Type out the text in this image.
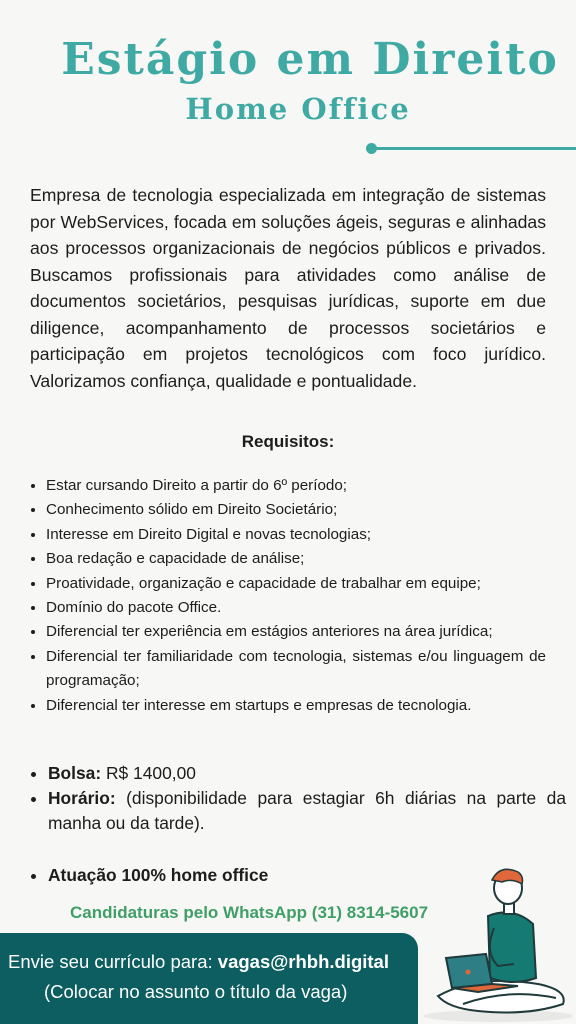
Estágio em Direito
Home Office
Empresa de tecnologia especializada em integração de sistemas por WebServices, focada em soluções ágeis, seguras e alinhadas aos processos organizacionais de negócios públicos e privados. Buscamos profissionais para atividades como análise de documentos societários, pesquisas jurídicas, suporte em due diligence, acompanhamento de processos societários e participação em projetos tecnológicos com foco jurídico. Valorizamos confiança, qualidade e pontualidade.
Requisitos:
• Estar cursando Direito a partir do 6º período;
• Conhecimento sólido em Direito Societário;
• Interesse em Direito Digital e novas tecnologias;
• Boa redação e capacidade de análise;
• Proatividade, organização e capacidade de trabalhar em equipe;
• Domínio do pacote Office.
• Diferencial ter experiência em estágios anteriores na área jurídica;
• Diferencial ter familiaridade com tecnologia, sistemas e/ou linguagem de programação;
• Diferencial ter interesse em startups e empresas de tecnologia.
• Bolsa: R$ 1400,00
• Horário: (disponibilidade para estagiar 6h diárias na parte da manha ou da tarde).
• Atuação 100% home office
Candidaturas pelo WhatsApp (31) 8314-5607
Envie seu currículo para: vagas@rhbh.digital
(Colocar no assunto o título da vaga)
